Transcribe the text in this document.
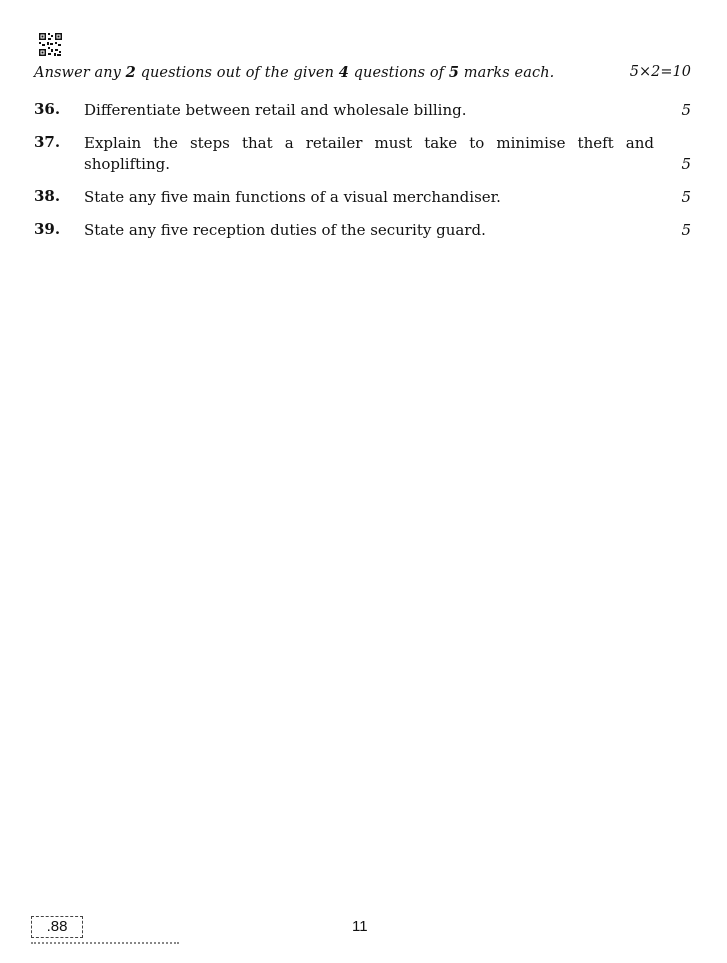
Answer any 2 questions out of the given 4 questions of 5 marks each.	5×2=10
36. Differentiate between retail and wholesale billing.	5
37. Explain the steps that a retailer must take to minimise theft and shoplifting.	5
38. State any five main functions of a visual merchandiser.	5
39. State any five reception duties of the security guard.	5
.88	11
